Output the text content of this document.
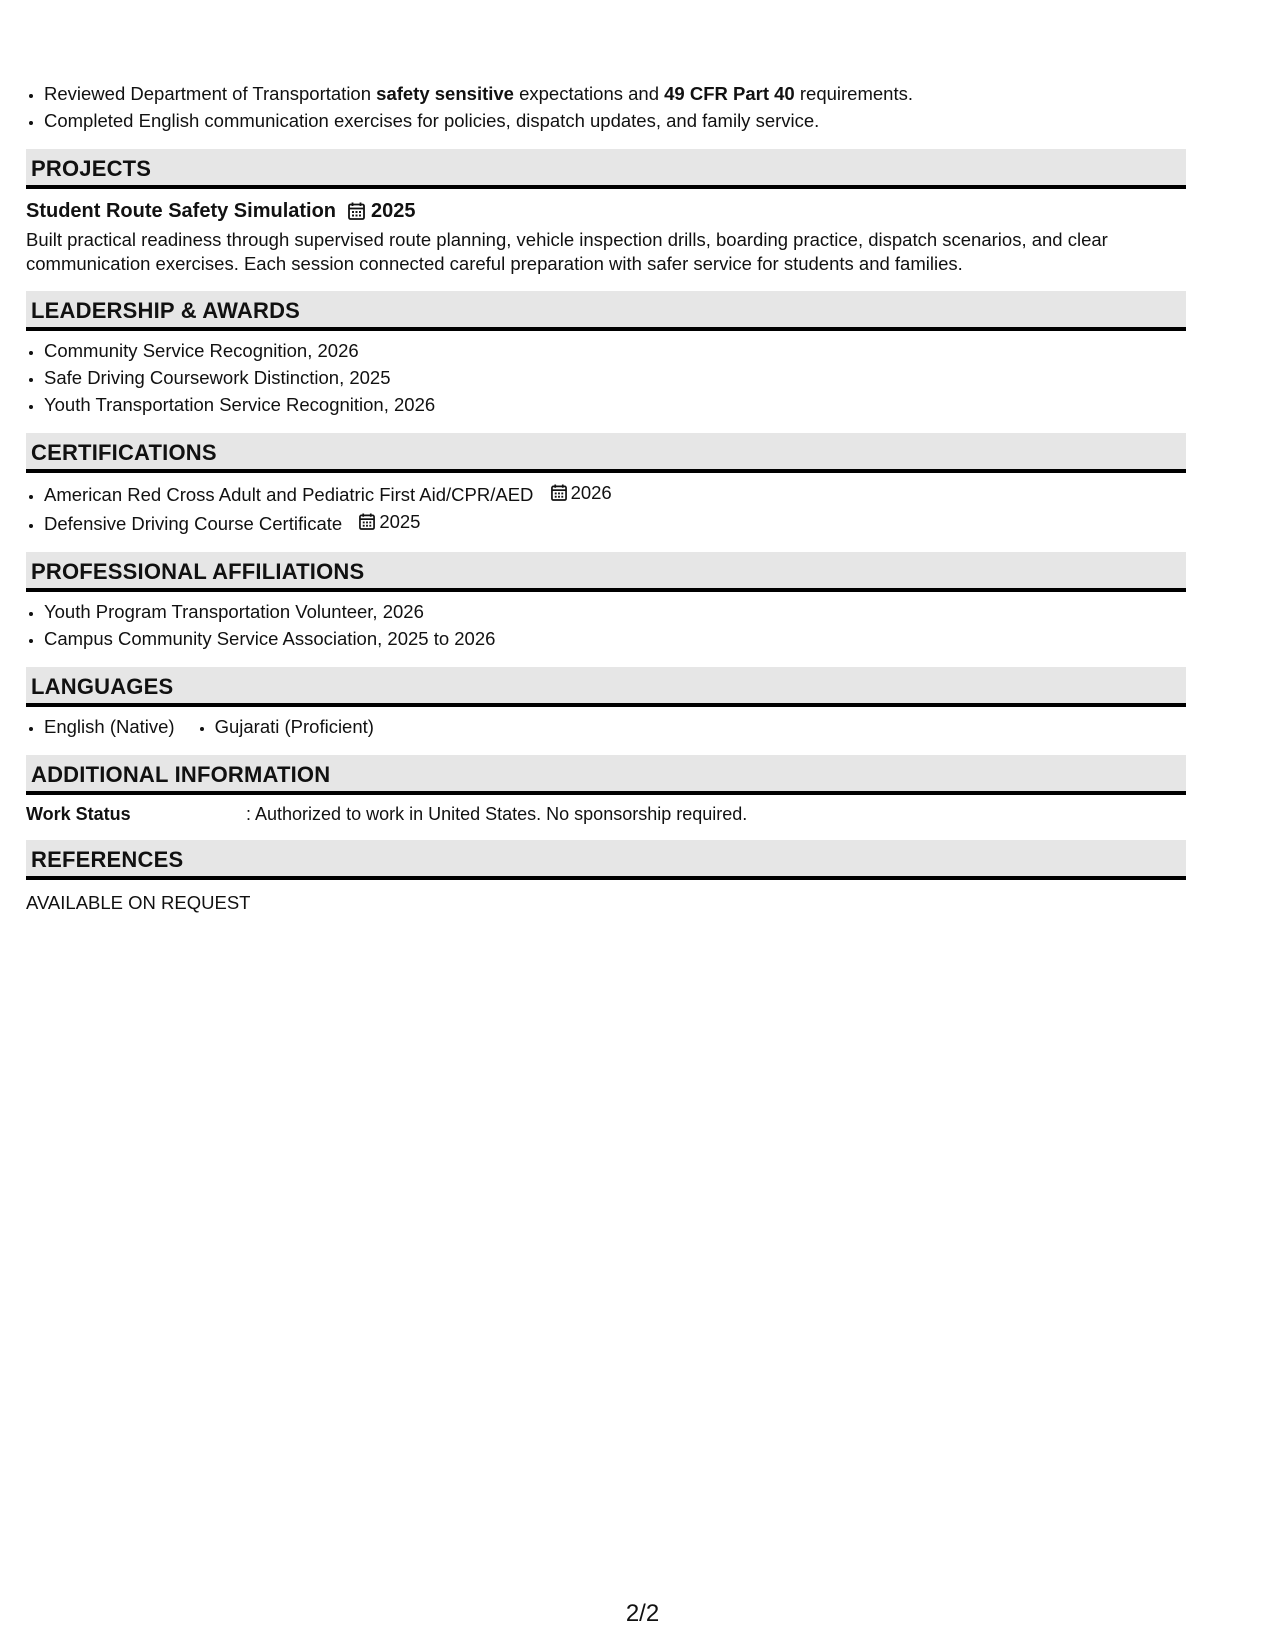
• Reviewed Department of Transportation safety sensitive expectations and 49 CFR Part 40 requirements.
• Completed English communication exercises for policies, dispatch updates, and family service.
PROJECTS
Student Route Safety Simulation 2025
Built practical readiness through supervised route planning, vehicle inspection drills, boarding practice, dispatch scenarios, and clear communication exercises. Each session connected careful preparation with safer service for students and families.
LEADERSHIP & AWARDS
• Community Service Recognition, 2026
• Safe Driving Coursework Distinction, 2025
• Youth Transportation Service Recognition, 2026
CERTIFICATIONS
• American Red Cross Adult and Pediatric First Aid/CPR/AED 2026
• Defensive Driving Course Certificate 2025
PROFESSIONAL AFFILIATIONS
• Youth Program Transportation Volunteer, 2026
• Campus Community Service Association, 2025 to 2026
LANGUAGES
• English (Native)
• Gujarati (Proficient)
ADDITIONAL INFORMATION
Work Status	: Authorized to work in United States. No sponsorship required.
REFERENCES
AVAILABLE ON REQUEST
2/2
